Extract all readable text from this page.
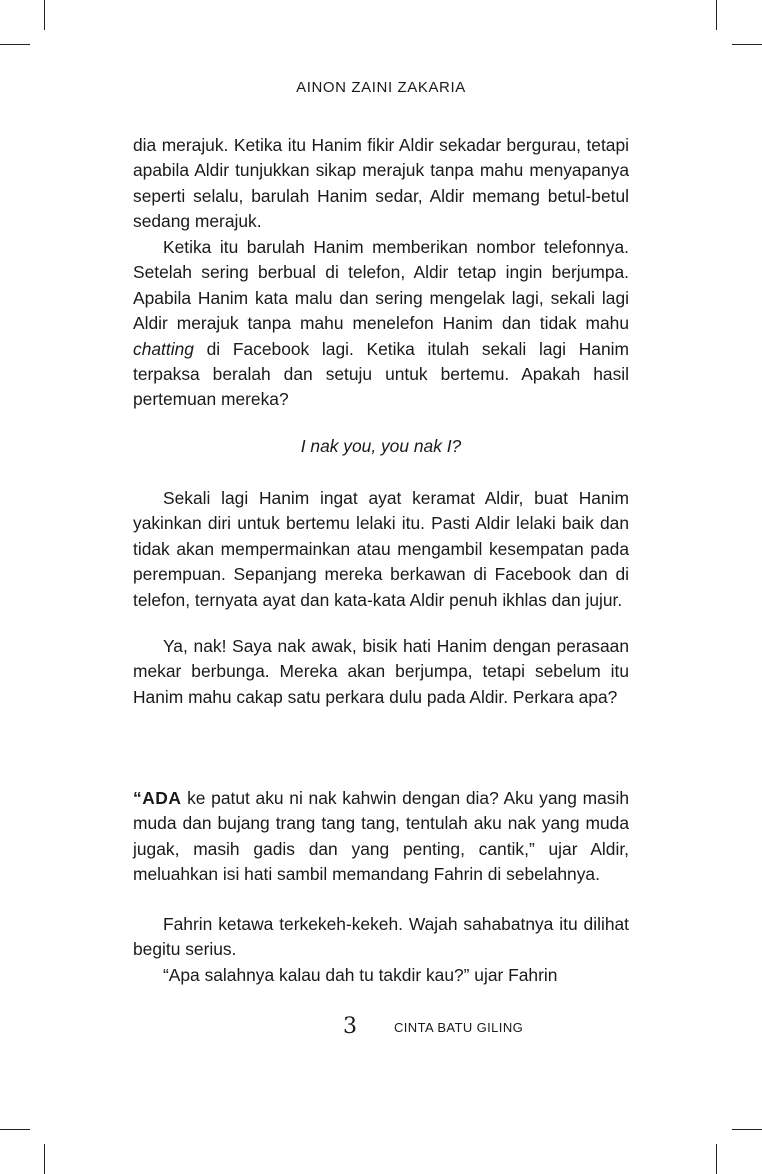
AINON ZAINI ZAKARIA

dia merajuk. Ketika itu Hanim fikir Aldir sekadar bergurau, tetapi apabila Aldir tunjukkan sikap merajuk tanpa mahu menyapanya seperti selalu, barulah Hanim sedar, Aldir memang betul-betul sedang merajuk.

Ketika itu barulah Hanim memberikan nombor telefonnya. Setelah sering berbual di telefon, Aldir tetap ingin berjumpa. Apabila Hanim kata malu dan sering mengelak lagi, sekali lagi Aldir merajuk tanpa mahu menelefon Hanim dan tidak mahu chatting di Facebook lagi. Ketika itulah sekali lagi Hanim terpaksa beralah dan setuju untuk bertemu. Apakah hasil pertemuan mereka?

I nak you, you nak I?

Sekali lagi Hanim ingat ayat keramat Aldir, buat Hanim yakinkan diri untuk bertemu lelaki itu. Pasti Aldir lelaki baik dan tidak akan mempermainkan atau mengambil kesempatan pada perempuan. Sepanjang mereka berkawan di Facebook dan di telefon, ternyata ayat dan kata-kata Aldir penuh ikhlas dan jujur.

Ya, nak! Saya nak awak, bisik hati Hanim dengan perasaan mekar berbunga. Mereka akan berjumpa, tetapi sebelum itu Hanim mahu cakap satu perkara dulu pada Aldir. Perkara apa?

“ADA ke patut aku ni nak kahwin dengan dia? Aku yang masih muda dan bujang trang tang tang, tentulah aku nak yang muda jugak, masih gadis dan yang penting, cantik,” ujar Aldir, meluahkan isi hati sambil memandang Fahrin di sebelahnya.

Fahrin ketawa terkekeh-kekeh. Wajah sahabatnya itu dilihat begitu serius.

“Apa salahnya kalau dah tu takdir kau?” ujar Fahrin

3	CINTA BATU GILING
